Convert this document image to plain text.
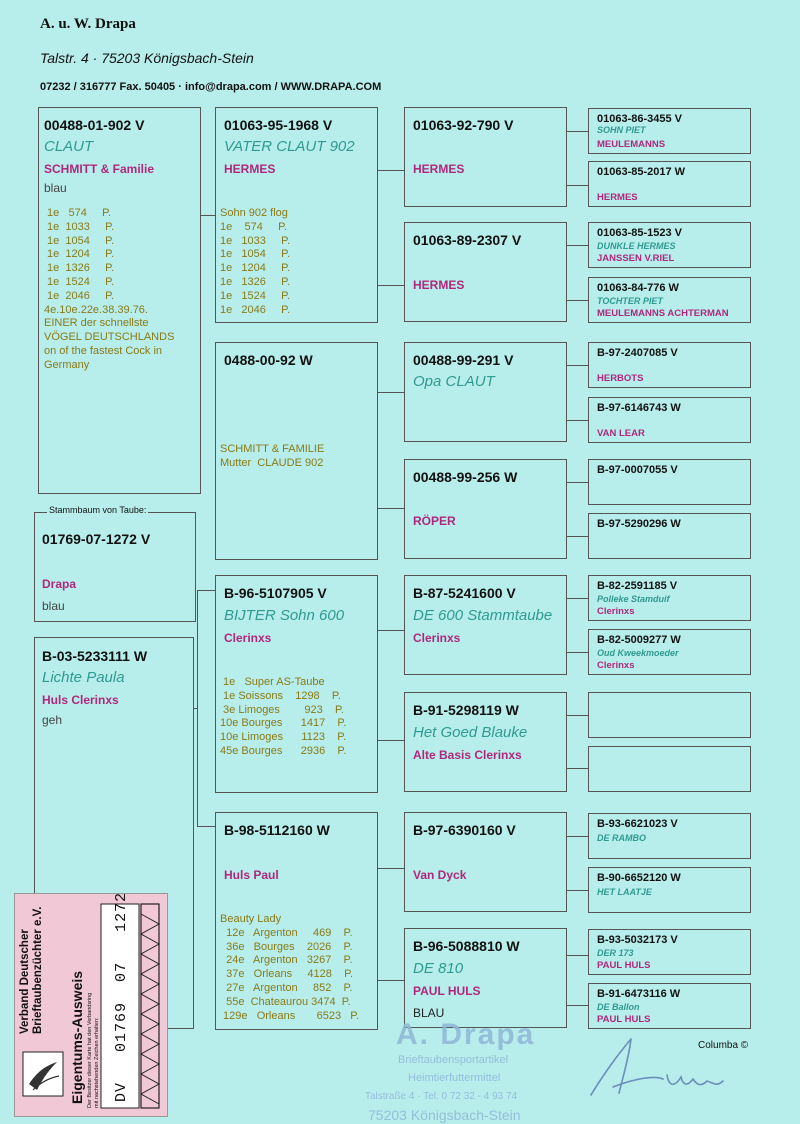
A. u. W. Drapa
Talstr. 4 · 75203 Königsbach-Stein
07232 / 316777 Fax. 50405 · info@drapa.com / WWW.DRAPA.COM
00488-01-902 V
CLAUT
SCHMITT & Familie
blau
1e   574     P.
1e  1033     P.
1e  1054     P.
1e  1204     P.
1e  1326     P.
1e  1524     P.
1e  2046     P.
4e.10e.22e.38.39.76.
EINER der schnellste
VÖGEL DEUTSCHLANDS
on of the fastest Cock in
Germany
Stammbaum von Taube:
01769-07-1272 V
Drapa
blau
B-03-5233111 W
Lichte Paula
Huls Clerinxs
geh
01063-95-1968 V
VATER CLAUT 902
HERMES
Sohn 902 flog
1e    574     P.
1e   1033     P.
1e   1054     P.
1e   1204     P.
1e   1326     P.
1e   1524     P.
1e   2046     P.
0488-00-92 W
SCHMITT & FAMILIE
Mutter  CLAUDE 902
B-96-5107905 V
BIJTER Sohn 600
Clerinxs
1e   Super AS-Taube
1e Soissons    1298    P.
3e Limoges        923    P.
10e Bourges      1417    P.
10e Limoges      1123    P.
45e Bourges      2936    P.
B-98-5112160 W
Huls Paul
Beauty Lady
12e   Argenton     469    P.
36e   Bourges    2026    P.
24e   Argenton   3267    P.
37e   Orleans     4128    P.
27e   Argenton     852    P.
55e  Chateaurou 3474  P.
129e   Orleans       6523   P.
01063-92-790 V
HERMES
01063-89-2307 V
HERMES
00488-99-291 V
Opa CLAUT
00488-99-256 W
RÖPER
B-87-5241600 V
DE 600 Stammtaube
Clerinxs
B-91-5298119 W
Het Goed Blauke
Alte Basis Clerinxs
B-97-6390160 V
Van Dyck
B-96-5088810 W
DE 810
PAUL HULS
BLAU
01063-86-3455 V
SOHN PIET
MEULEMANNS
01063-85-2017 W
HERMES
01063-85-1523 V
DUNKLE HERMES
JANSSEN V.RIEL
01063-84-776 W
TOCHTER PIET
MEULEMANNS ACHTERMAN
B-97-2407085 V
HERBOTS
B-97-6146743 W
VAN LEAR
B-97-0007055 V
B-97-5290296 W
B-82-2591185 V
Polleke Stamduif
Clerinxs
B-82-5009277 W
Oud Kweekmoeder
Clerinxs
B-93-6621023 V
DE RAMBO
B-90-6652120 W
HET LAATJE
B-93-5032173 V
DER 173
PAUL HULS
B-91-6473116 W
DE Ballon
PAUL HULS
A. Drapa
Brieftaubensportartikel
Heimtierfuttermittel
Talstraße 4 · Tel. 0 72 32 - 4 93 74
75203 Königsbach-Stein
Columba ©
Verband Deutscher Brieftaubenzüchter e.V.
Eigentums-Ausweis Der Besitzer dieser Karte hat den Verbandsring mit nachstehenden Zeichen erhalten: DV   01769  07   1272
